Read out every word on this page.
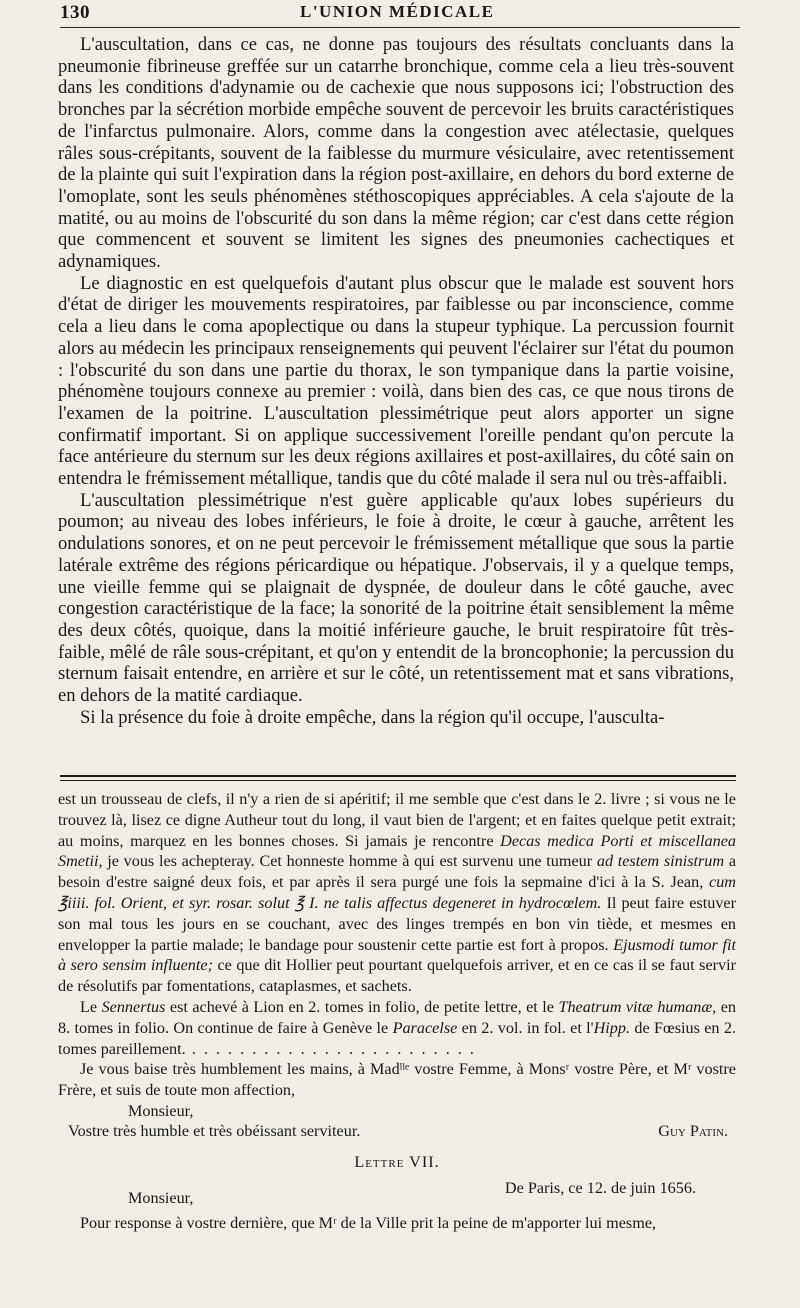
130	L'UNION MÉDICALE

L'auscultation, dans ce cas, ne donne pas toujours des résultats concluants dans la pneumonie fibrineuse greffée sur un catarrhe bronchique, comme cela a lieu très-souvent dans les conditions d'adynamie ou de cachexie que nous supposons ici; l'obstruction des bronches par la sécrétion morbide empêche souvent de percevoir les bruits caractéristiques de l'infarctus pulmonaire. Alors, comme dans la congestion avec atélectasie, quelques râles sous-crépitants, souvent de la faiblesse du murmure vésiculaire, avec retentissement de la plainte qui suit l'expiration dans la région post-axillaire, en dehors du bord externe de l'omoplate, sont les seuls phénomènes stéthoscopiques appréciables. A cela s'ajoute de la matité, ou au moins de l'obscurité du son dans la même région; car c'est dans cette région que commencent et souvent se limitent les signes des pneumonies cachectiques et adynamiques.

Le diagnostic en est quelquefois d'autant plus obscur que le malade est souvent hors d'état de diriger les mouvements respiratoires, par faiblesse ou par inconscience, comme cela a lieu dans le coma apoplectique ou dans la stupeur typhique. La percussion fournit alors au médecin les principaux renseignements qui peuvent l'éclairer sur l'état du poumon : l'obscurité du son dans une partie du thorax, le son tympanique dans la partie voisine, phénomène toujours connexe au premier : voilà, dans bien des cas, ce que nous tirons de l'examen de la poitrine. L'auscultation plessimétrique peut alors apporter un signe confirmatif important. Si on applique successivement l'oreille pendant qu'on percute la face antérieure du sternum sur les deux régions axillaires et post-axillaires, du côté sain on entendra le frémissement métallique, tandis que du côté malade il sera nul ou très-affaibli.

L'auscultation plessimétrique n'est guère applicable qu'aux lobes supérieurs du poumon; au niveau des lobes inférieurs, le foie à droite, le cœur à gauche, arrêtent les ondulations sonores, et on ne peut percevoir le frémissement métallique que sous la partie latérale extrême des régions péricardique ou hépatique. J'observais, il y a quelque temps, une vieille femme qui se plaignait de dyspnée, de douleur dans le côté gauche, avec congestion caractéristique de la face; la sonorité de la poitrine était sensiblement la même des deux côtés, quoique, dans la moitié inférieure gauche, le bruit respiratoire fût très-faible, mêlé de râle sous-crépitant, et qu'on y entendit de la broncophonie; la percussion du sternum faisait entendre, en arrière et sur le côté, un retentissement mat et sans vibrations, en dehors de la matité cardiaque.

Si la présence du foie à droite empêche, dans la région qu'il occupe, l'ausculta-

est un trousseau de clefs, il n'y a rien de si apéritif; il me semble que c'est dans le 2. livre ; si vous ne le trouvez là, lisez ce digne Autheur tout du long, il vaut bien de l'argent; et en faites quelque petit extrait; au moins, marquez en les bonnes choses. Si jamais je rencontre Decas medica Porti et miscellanea Smetii, je vous les achepteray. Cet honneste homme à qui est survenu une tumeur ad testem sinistrum a besoin d'estre saigné deux fois, et par après il sera purgé une fois la sepmaine d'ici à la S. Jean, cum ℥iiii. fol. Orient, et syr. rosar. solut ℥ I. ne talis affectus degeneret in hydrocœlem. Il peut faire estuver son mal tous les jours en se couchant, avec des linges trempés en bon vin tiède, et mesmes en envelopper la partie malade; le bandage pour soustenir cette partie est fort à propos. Ejusmodi tumor fit à sero sensim influente; ce que dit Hollier peut pourtant quelquefois arriver, et en ce cas il se faut servir de résolutifs par fomentations, cataplasmes, et sachets.

Le Sennertus est achevé à Lion en 2. tomes in folio, de petite lettre, et le Theatrum vitæ humanæ, en 8. tomes in folio. On continue de faire à Genève le Paracelse en 2. vol. in fol. et l'Hipp. de Fœsius en 2. tomes pareillement. . . . . . . . . . . . . . . . . . . . . . . . .

Je vous baise très humblement les mains, à Madˡˡᵉ vostre Femme, à Monsʳ vostre Père, et Mʳ vostre Frère, et suis de toute mon affection,

Monsieur,
Vostre très humble et très obéissant serviteur.	Guy Patin.
Lettre VII.
Monsieur,
De Paris, ce 12. de juin 1656.

Pour response à vostre dernière, que Mʳ de la Ville prit la peine de m'apporter lui mesme,
